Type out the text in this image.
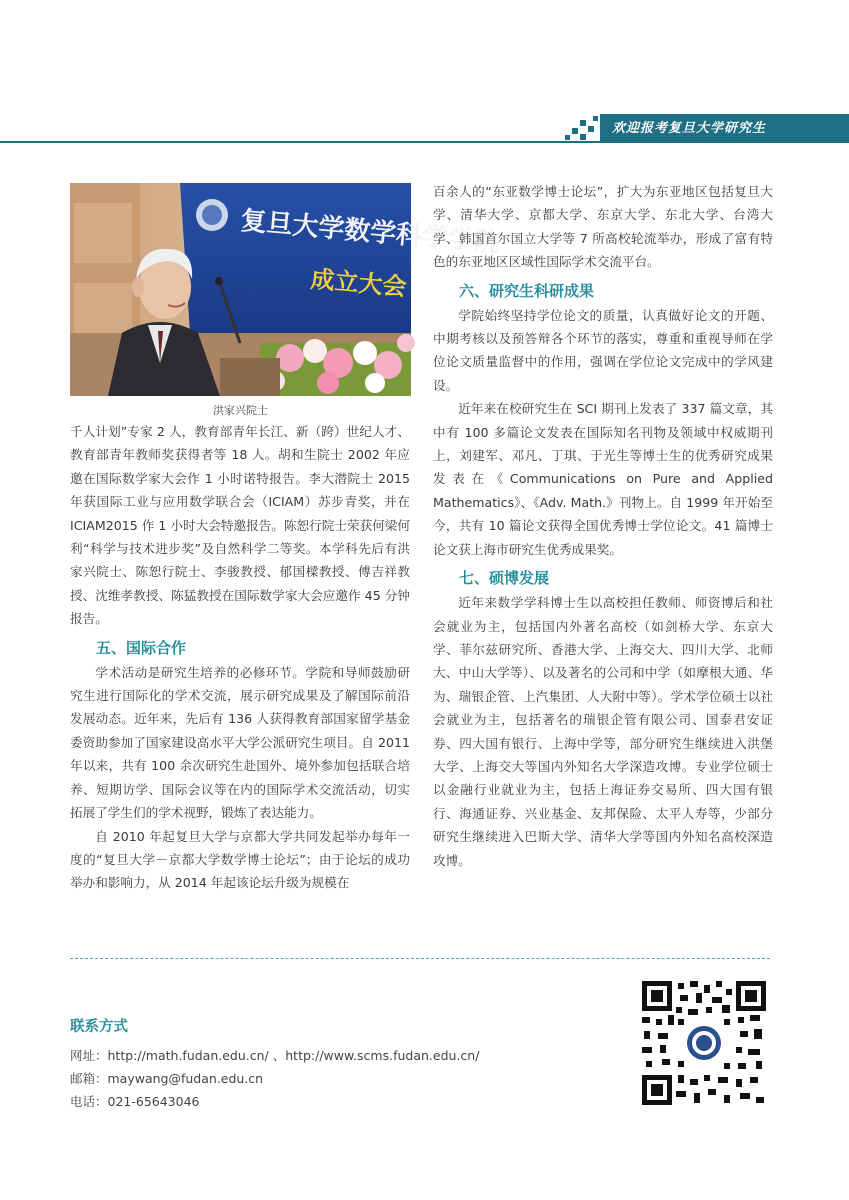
欢迎报考复旦大学研究生
复旦大学数学科学学院
成立大会
洪家兴院士

千人计划”专家 2 人，教育部青年长江、新（跨）世纪人才、教育部青年教师奖获得者等 18 人。胡和生院士 2002 年应邀在国际数学家大会作 1 小时诺特报告。李大潜院士 2015 年获国际工业与应用数学联合会（ICIAM）苏步青奖，并在 ICIAM2015 作 1 小时大会特邀报告。陈恕行院士荣获何梁何利“科学与技术进步奖”及自然科学二等奖。本学科先后有洪家兴院士、陈恕行院士、李骏教授、郁国樑教授、傅吉祥教授、沈维孝教授、陈猛教授在国际数学家大会应邀作 45 分钟报告。

五、国际合作

学术活动是研究生培养的必修环节。学院和导师鼓励研究生进行国际化的学术交流，展示研究成果及了解国际前沿发展动态。近年来，先后有 136 人获得教育部国家留学基金委资助参加了国家建设高水平大学公派研究生项目。自 2011 年以来，共有 100 余次研究生赴国外、境外参加包括联合培养、短期访学、国际会议等在内的国际学术交流活动，切实拓展了学生们的学术视野，锻炼了表达能力。

自 2010 年起复旦大学与京都大学共同发起举办每年一度的“复旦大学－京都大学数学博士论坛”；由于论坛的成功举办和影响力，从 2014 年起该论坛升级为规模在

百余人的“东亚数学博士论坛”，扩大为东亚地区包括复旦大学、清华大学、京都大学、东京大学、东北大学、台湾大学、韩国首尔国立大学等 7 所高校轮流举办，形成了富有特色的东亚地区区域性国际学术交流平台。

六、研究生科研成果

学院始终坚持学位论文的质量，认真做好论文的开题、中期考核以及预答辩各个环节的落实，尊重和重视导师在学位论文质量监督中的作用，强调在学位论文完成中的学风建设。

近年来在校研究生在 SCI 期刊上发表了 337 篇文章，其中有 100 多篇论文发表在国际知名刊物及领域中权威期刊上，刘建军、邓凡、丁琪、于光生等博士生的优秀研究成果发表在《Communications on Pure and Applied Mathematics》、《Adv. Math.》刊物上。自 1999 年开始至今，共有 10 篇论文获得全国优秀博士学位论文。41 篇博士论文获上海市研究生优秀成果奖。

七、硕博发展

近年来数学学科博士生以高校担任教师、师资博后和社会就业为主，包括国内外著名高校（如剑桥大学、东京大学、菲尔兹研究所、香港大学、上海交大、四川大学、北师大、中山大学等）、以及著名的公司和中学（如摩根大通、华为、瑞银企管、上汽集团、人大附中等）。学术学位硕士以社会就业为主，包括著名的瑞银企管有限公司、国泰君安证券、四大国有银行、上海中学等，部分研究生继续进入洪堡大学、上海交大等国内外知名大学深造攻博。专业学位硕士以金融行业就业为主，包括上海证券交易所、四大国有银行、海通证券、兴业基金、友邦保险、太平人寿等，少部分研究生继续进入巴斯大学、清华大学等国内外知名高校深造攻博。

联系方式
网址：http://math.fudan.edu.cn/ 、http://www.scms.fudan.edu.cn/
邮箱：maywang@fudan.edu.cn
电话：021-65643046
